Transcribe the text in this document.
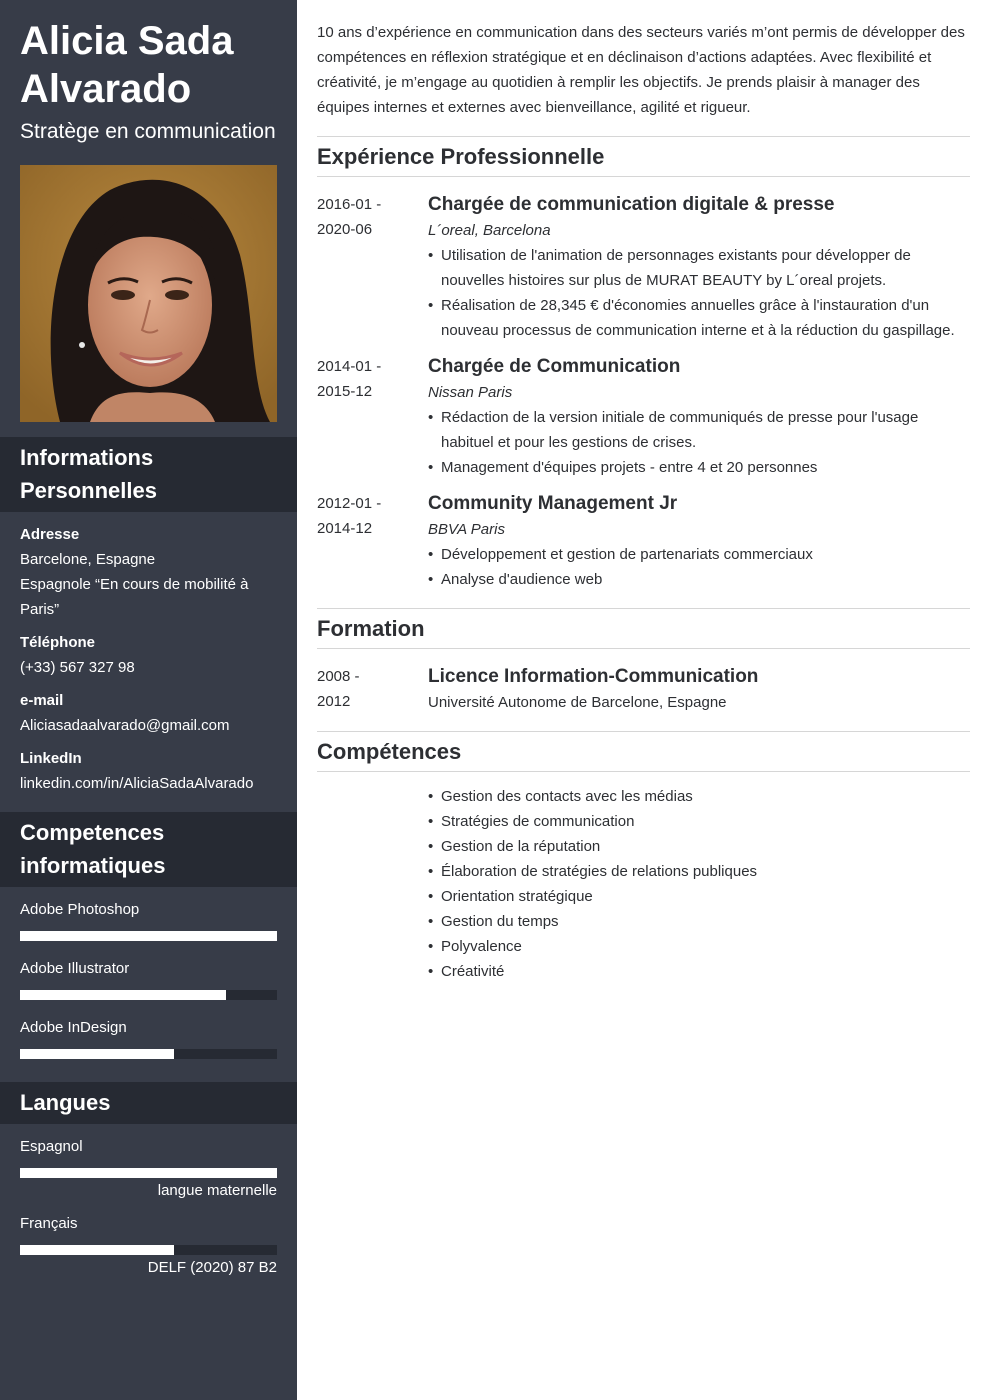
Alicia Sada Alvarado
Stratège en communication
Informations Personnelles
Adresse
Barcelone, Espagne
Espagnole “En cours de mobilité à Paris”
Téléphone
(+33) 567 327 98
e-mail
Aliciasadaalvarado@gmail.com
LinkedIn
linkedin.com/in/AliciaSadaAlvarado
Competences informatiques
Adobe Photoshop
Adobe Illustrator
Adobe InDesign
Langues
Espagnol
langue maternelle
Français
DELF (2020) 87 B2

10 ans d’expérience en communication dans des secteurs variés m’ont permis de développer des compétences en réflexion stratégique et en déclinaison d’actions adaptées. Avec flexibilité et créativité, je m’engage au quotidien à remplir les objectifs. Je prends plaisir à manager des équipes internes et externes avec bienveillance, agilité et rigueur.

Expérience Professionnelle
2016-01 -
2020-06
Chargée de communication digitale & presse
L´oreal, Barcelona
• Utilisation de l'animation de personnages existants pour développer de nouvelles histoires sur plus de MURAT BEAUTY by L´oreal projets.
• Réalisation de 28,345 € d'économies annuelles grâce à l'instauration d'un nouveau processus de communication interne et à la réduction du gaspillage.
2014-01 -
2015-12
Chargée de Communication
Nissan Paris
• Rédaction de la version initiale de communiqués de presse pour l'usage habituel et pour les gestions de crises.
• Management d'équipes projets - entre 4 et 20 personnes
2012-01 -
2014-12
Community Management Jr
BBVA Paris
• Développement et gestion de partenariats commerciaux
• Analyse d'audience web
Formation
2008 -
2012
Licence Information-Communication
Université Autonome de Barcelone, Espagne
Compétences
• Gestion des contacts avec les médias
• Stratégies de communication
• Gestion de la réputation
• Élaboration de stratégies de relations publiques
• Orientation stratégique
• Gestion du temps
• Polyvalence
• Créativité
